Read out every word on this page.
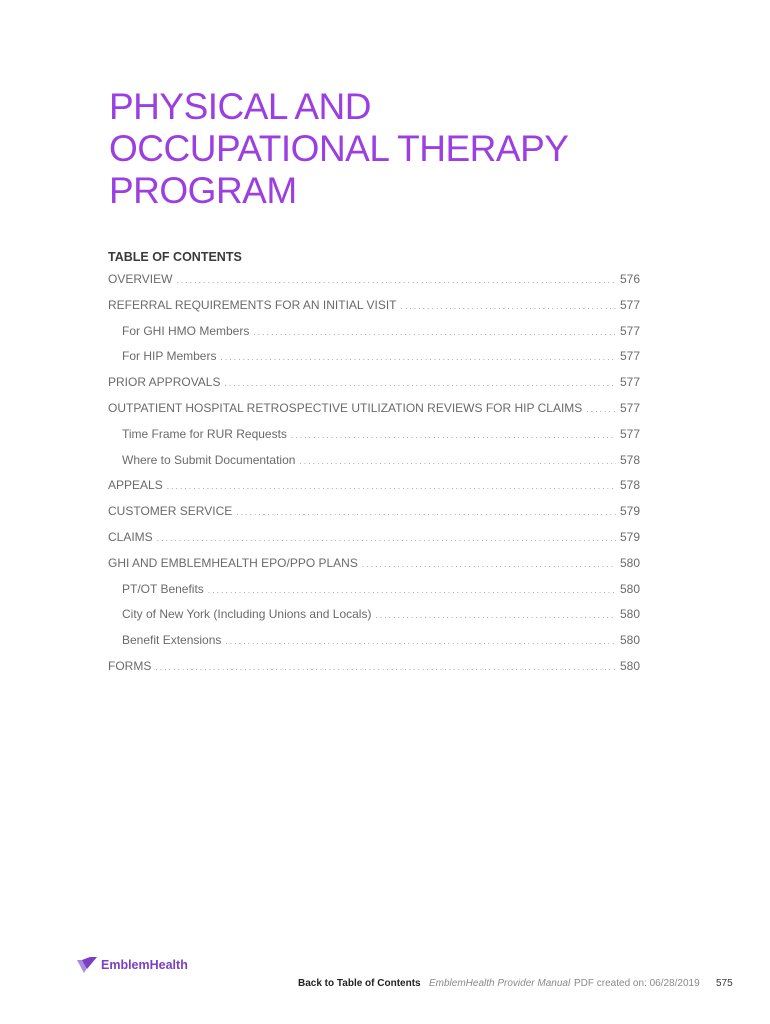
PHYSICAL AND
OCCUPATIONAL THERAPY
PROGRAM
TABLE OF CONTENTS
OVERVIEW . . .	576
REFERRAL REQUIREMENTS FOR AN INITIAL VISIT . . .	577
For GHI HMO Members . . .	577
For HIP Members . . .	577
PRIOR APPROVALS . . .	577
OUTPATIENT HOSPITAL RETROSPECTIVE UTILIZATION REVIEWS FOR HIP CLAIMS . . .	577
Time Frame for RUR Requests . . .	577
Where to Submit Documentation . . .	578
APPEALS . . .	578
CUSTOMER SERVICE . . .	579
CLAIMS . . .	579
GHI AND EMBLEMHEALTH EPO/PPO PLANS . . .	580
PT/OT Benefits . . .	580
City of New York (Including Unions and Locals) . . .	580
Benefit Extensions . . .	580
FORMS . . .	580
EmblemHealth
Back to Table of Contents EmblemHealth Provider Manual PDF created on: 06/28/2019 575
